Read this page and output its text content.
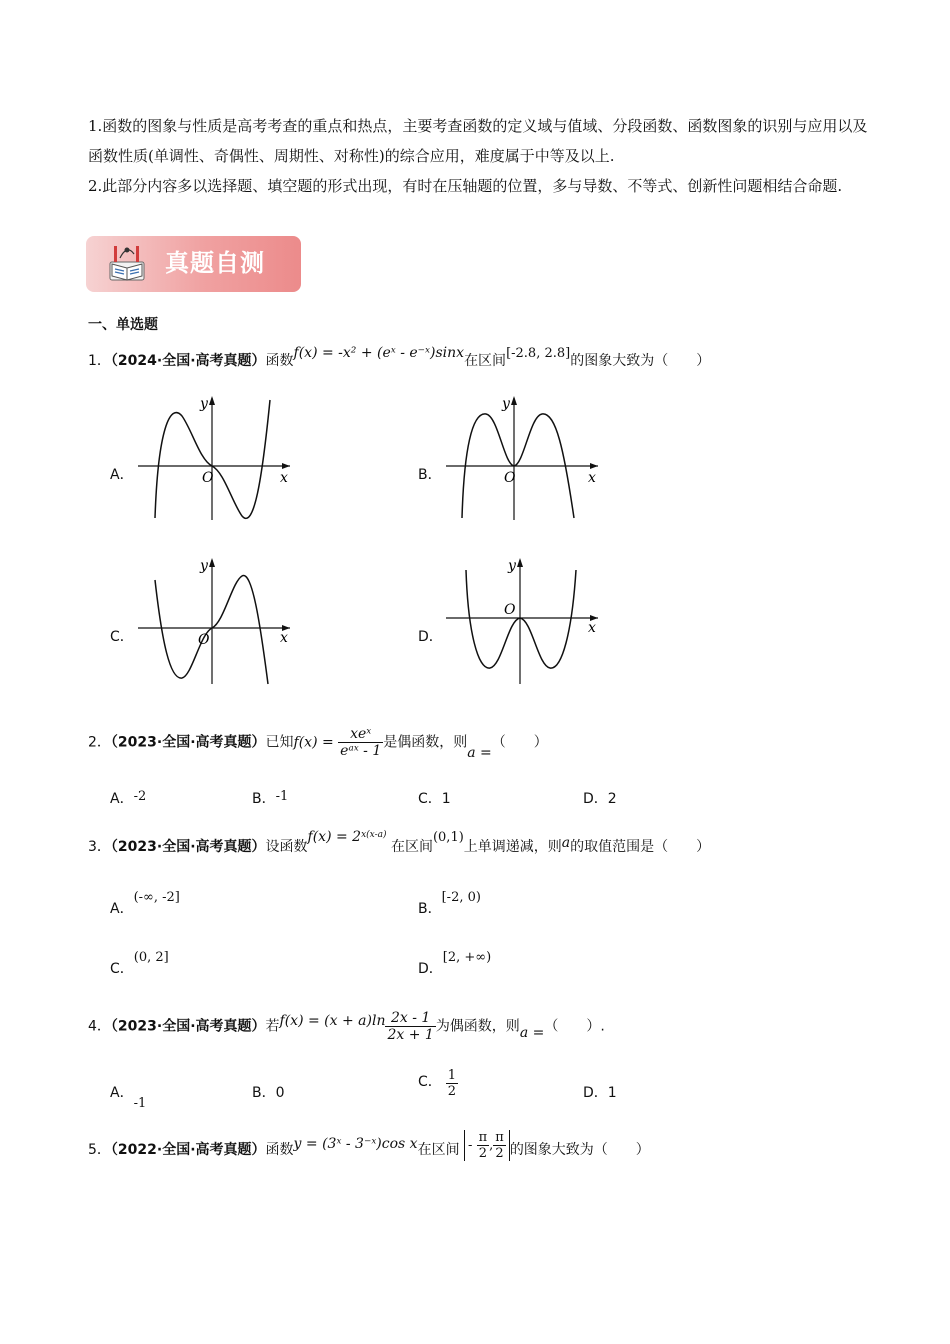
1.函数的图象与性质是高考考查的重点和热点，主要考查函数的定义域与值域、分段函数、函数图象的识别与应用以及函数性质(单调性、奇偶性、周期性、对称性)的综合应用，难度属于中等及以上.
2.此部分内容多以选择题、填空题的形式出现，有时在压轴题的位置，多与导数、不等式、创新性问题相结合命题.
真题自测
一、单选题
1．（2024·全国·高考真题）函数f(x) = -x² + (eˣ - e⁻ˣ)sinx在区间[-2.8, 2.8]的图象大致为（　　）
A．	B．
C．	D．
O	x
y
O	x
y
O	x
y
O
x
y
2．（2023·全国·高考真题）已知$f(x) = \frac{\text{xeˣ}}{\text{eᵃˣ - 1}}$ 是偶函数，则a =（　　）
A．-2	B．-1	C．1	D．2
3．（2023·全国·高考真题）设函数$f(x) = 2^{x(x-a)}$ 在区间(0,1)上单调递减，则a的取值范围是（　　）
A．(-∞, -2]
B．[-2, 0)
C．(0, 2]
D．[2, +∞)
4．（2023·全国·高考真题）若$f(x) = (x + a)\ln \frac{2x - 1}{2x + 1}$ 为偶函数，则a =（　　）.
A．-1
B．0
C． $\frac{1}{2}$	D．1
5．（2022·全国·高考真题）函数y = (3ˣ - 3⁻ˣ)cos x在区间 - $\frac{\pi}{2}$ , $\frac{\pi}{2}$ 的图象大致为（　　）
